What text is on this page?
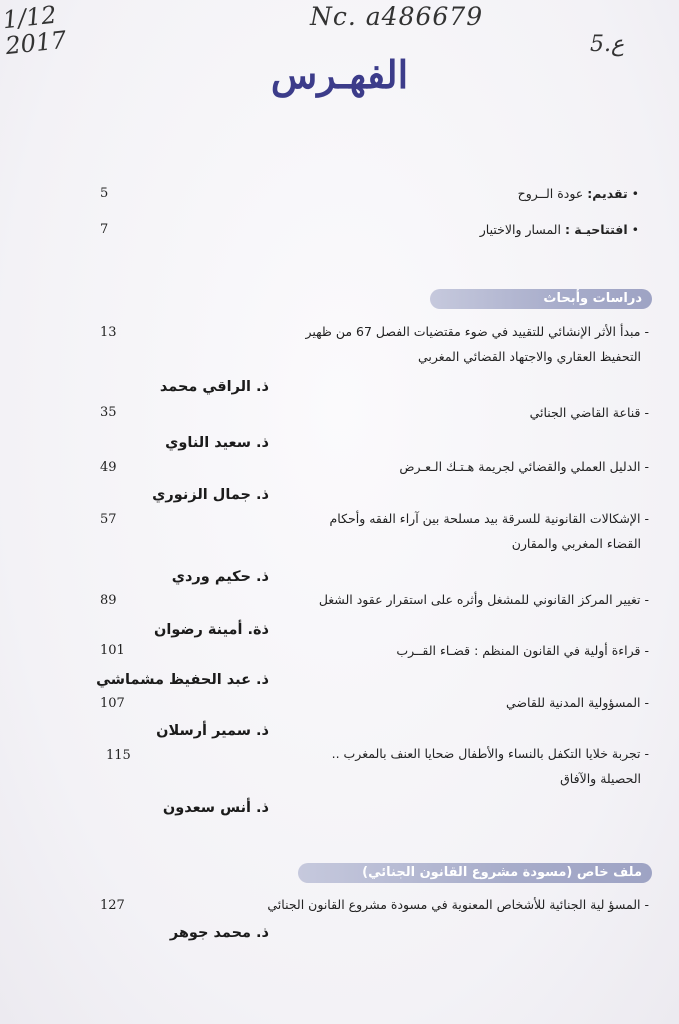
1/12
2017
Nc. a486679
5.ع
الفهـرس
• تقديم: عودة الــروح
5
• افتتاحيـة : المسار والاختيار
7
دراسات وأبحاث
- مبدأ الأثر الإنشائي للتقييد في ضوء مقتضيات الفصل 67 من ظهير
التحفيظ العقاري والاجتهاد القضائي المغربي
13
ذ. الراقي محمد
- قناعة القاضي الجنائي
35
ذ. سعيد الناوي
- الدليل العملي والقضائي لجريمة هـتـك الـعـرض
49
ذ. جمال الزنوري
- الإشكالات القانونية للسرقة بيد مسلحة بين آراء الفقه وأحكام
القضاء المغربي والمقارن
57
ذ. حكيم وردي
- تغيير المركز القانوني للمشغل وأثره على استقرار عقود الشغل
89
ذة. أمينة رضوان
- قراءة أولية في القانون المنظم : قضـاء القــرب
101
ذ. عبد الحفيظ مشماشي
- المسؤولية المدنية للقاضي
107
ذ. سمير أرسلان
- تجربة خلايا التكفل بالنساء والأطفال ضحايا العنف بالمغرب ..
الحصيلة والآفاق
115
ذ. أنس سعدون
ملف خاص (مسودة مشروع القانون الجنائي)
- المسؤ لية الجنائية للأشخاص المعنوية في مسودة مشروع القانون الجنائي
127
ذ. محمد جوهر
